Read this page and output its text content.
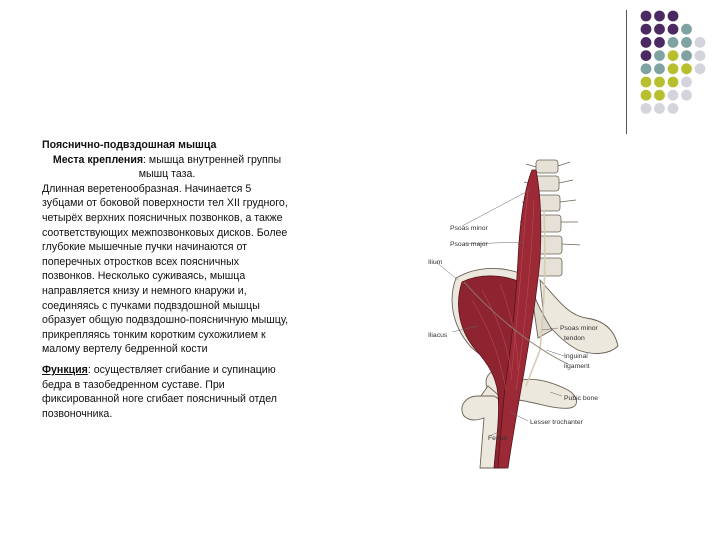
Пояснично-подвздошная мышца

Места крепления: мышца внутренней группы мышц таза.

Длинная веретенообразная. Начинается 5 зубцами от боковой поверхности тел XII грудного, четырёх верхних поясничных позвонков, а также соответствующих межпозвонковых дисков. Более глубокие мышечные пучки начинаются от поперечных отростков всех поясничных позвонков. Несколько суживаясь, мышца направляется книзу и немного кнаружи и, соединяясь с пучками подвздошной мышцы образует общую подвздошно-поясничную мышцу, прикрепляясь тонким коротким сухожилием к малому вертелу бедренной кости

Функция: осуществляет сгибание и супинацию бедра в тазобедренном суставе. При фиксированной ноге сгибает поясничный отдел позвоночника.

Psoas minor
Psoas major
Ilium
Iliacus
Psoas minor
tendon
Inguinal
ligament
Pubic bone
Lesser trochanter
Femur
